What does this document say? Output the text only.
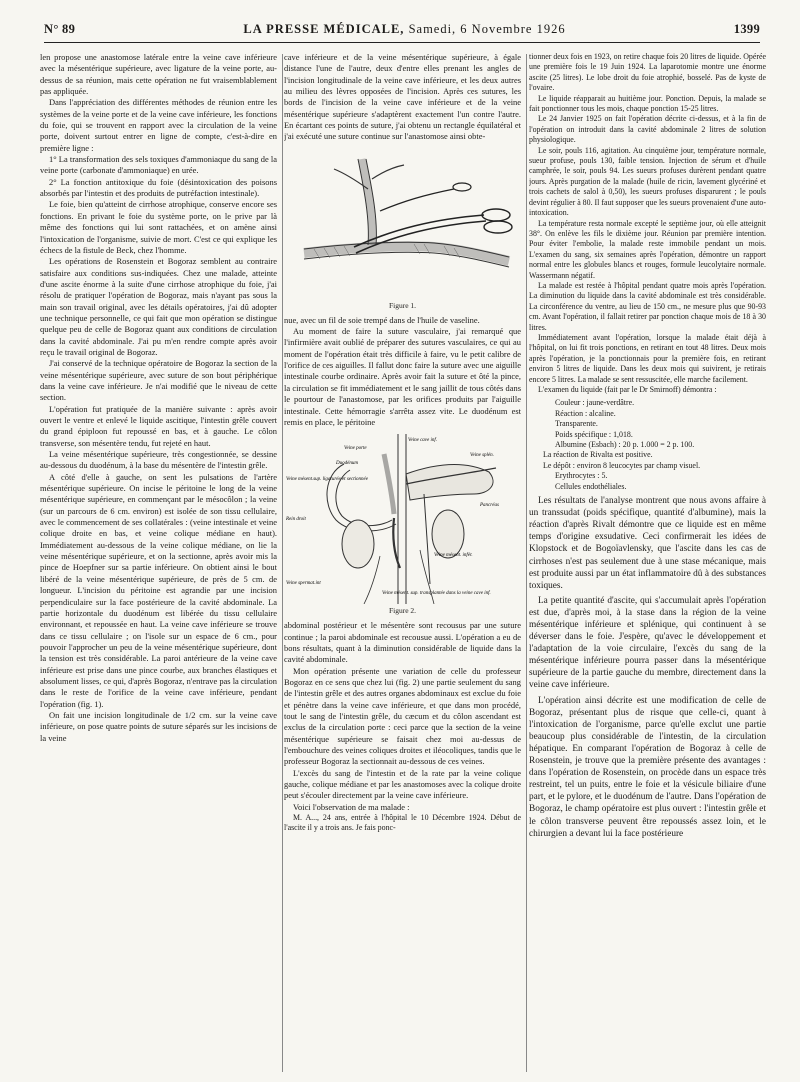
N° 89	LA PRESSE MÉDICALE, Samedi, 6 Novembre 1926	1399

len propose une anastomose latérale entre la veine cave inférieure avec la mésentérique supérieure, avec ligature de la veine porte, au-dessus de sa réunion, mais cette opération ne fut vraisemblablement pas appliquée.

Dans l'appréciation des différentes méthodes de réunion entre les systèmes de la veine porte et de la veine cave inférieure, les fonctions du foie, qui se trouvent en rapport avec la circulation de la veine porte, doivent surtout entrer en ligne de compte, c'est-à-dire en première ligne :

1° La transformation des sels toxiques d'ammoniaque du sang de la veine porte (carbonate d'ammoniaque) en urée.

2° La fonction antitoxique du foie (désintoxication des poisons absorbés par l'intestin et des produits de putréfaction intestinale).

Le foie, bien qu'atteint de cirrhose atrophique, conserve encore ses fonctions. En privant le foie du système porte, on le prive par là même des fonctions qui lui sont rattachées, et on amène ainsi l'intoxication de l'organisme, suivie de mort. C'est ce qui explique les échecs de la fistule de Beck, chez l'homme.

Les opérations de Rosenstein et Bogoraz semblent au contraire satisfaire aux conditions sus-indiquées. Chez une malade, atteinte d'une ascite énorme à la suite d'une cirrhose atrophique du foie, j'ai résolu de pratiquer l'opération de Bogoraz, mais n'ayant pas sous la main son travail original, avec les détails opératoires, j'ai dû adopter une technique personnelle, ce qui fait que mon opération se distingue quelque peu de celle de Bogoraz quant aux conditions de circulation dans la cavité abdominale. J'ai pu m'en rendre compte après avoir reçu le travail original de Bogoraz.

J'ai conservé de la technique opératoire de Bogoraz la section de la veine mésentérique supérieure, avec suture de son bout périphérique dans la veine cave inférieure. Je n'ai modifié que le niveau de cette section.

L'opération fut pratiquée de la manière suivante : après avoir ouvert le ventre et enlevé le liquide ascitique, l'intestin grêle couvert du grand épiploon fut repoussé en bas, et à gauche. Le côlon transverse, son mésentère tendu, fut rejeté en haut.

La veine mésentérique supérieure, très congestionnée, se dessine au-dessous du duodénum, à la base du mésentère de l'intestin grêle.

A côté d'elle à gauche, on sent les pulsations de l'artère mésentérique supérieure. On incise le péritoine le long de la veine mésentérique supérieure, en commençant par le mésocôlon ; la veine (sur un parcours de 6 cm. environ) est isolée de son tissu cellulaire, avec le commencement de ses collatérales : (veine intestinale et veine colique droite en bas, et veine colique médiane en haut). Immédiatement au-dessous de la veine colique médiane, on lie la veine mésentérique supérieure, et on la sectionne, après avoir mis la pince de Hoepfner sur sa partie inférieure. On obtient ainsi le bout libéré de la veine mésentérique supérieure, de près de 5 cm. de longueur. L'incision du péritoine est agrandie par une incision perpendiculaire sur la face postérieure de la cavité abdominale. La partie horizontale du duodénum est libérée du tissu cellulaire environnant, et repoussée en haut. La veine cave inférieure se trouve dans ce tissu cellulaire ; on l'isole sur un espace de 6 cm., pour pouvoir l'approcher un peu de la veine mésentérique supérieure, dont la tension est très considérable. La paroi antérieure de la veine cave inférieure est prise dans une pince courbe, aux branches élastiques et absolument lisses, ce qui, d'après Bogoraz, n'entrave pas la circulation dans le reste de l'orifice de la veine cave inférieure, pendant l'opération (fig. 1).

On fait une incision longitudinale de 1/2 cm. sur la veine cave inférieure, on pose quatre points de suture séparés sur les incisions de la veine

cave inférieure et de la veine mésentérique supérieure, à égale distance l'une de l'autre, deux d'entre elles prenant les angles de l'incision longitudinale de la veine cave inférieure, et les deux autres au milieu des lèvres opposées de l'incision. Après ces sutures, les bords de l'incision de la veine cave inférieure et de la veine mésentérique supérieure s'adaptèrent exactement l'un contre l'autre. En écartant ces points de suture, j'ai obtenu un rectangle équilatéral et j'ai exécuté une suture continue sur l'anastomose ainsi obte-

Figure 1.

nue, avec un fil de soie trempé dans de l'huile de vaseline.

Au moment de faire la suture vasculaire, j'ai remarqué que l'infirmière avait oublié de préparer des sutures vasculaires, ce qui au moment de l'opération était très difficile à faire, vu le petit calibre de l'orifice de ces aiguilles. Il fallut donc faire la suture avec une aiguille intestinale courbe ordinaire. Après avoir fait la suture et ôté la pince, la circulation se fit immédiatement et le sang jaillit de tous côtés dans le pourtour de l'anastomose, par les orifices produits par l'aiguille intestinale. Cette hémorragie s'arrêta assez vite. Le duodénum est remis en place, le péritoine

Veine cave inf.
Veine porte
Duodénum
Veine mésent.sup. ligaturée et sectionnée
Rein droit
Veine spermat.int
Veine splén.
Pancréas
Veine mésent. infér.
Veine mésent. sup. transplantée dans la veine cave inf.
Figure 2.

abdominal postérieur et le mésentère sont recousus par une suture continue ; la paroi abdominale est recousue aussi. L'opération a eu de bons résultats, quant à la diminution considérable de liquide dans la cavité abdominale.

Mon opération présente une variation de celle du professeur Bogoraz en ce sens que chez lui (fig. 2) une partie seulement du sang de l'intestin grêle et des autres organes abdominaux est exclue du foie et pénètre dans la veine cave inférieure, et que dans mon procédé, tout le sang de l'intestin grêle, du cæcum et du côlon ascendant est exclus de la circulation porte : ceci parce que la section de la veine mésentérique supérieure se faisait chez moi au-dessus de l'embouchure des veines coliques droites et iléocoliques, tandis que le professeur Bogoraz la sectionnait au-dessous de ces veines.

L'excès du sang de l'intestin et de la rate par la veine colique gauche, colique médiane et par les anastomoses avec la colique droite peut s'écouler directement par la veine cave inférieure.

Voici l'observation de ma malade :

M. A..., 24 ans, entrée à l'hôpital le 10 Décembre 1924. Début de l'ascite il y a trois ans. Je fais ponc-

tionner deux fois en 1923, on retire chaque fois 20 litres de liquide. Opérée une première fois le 19 Juin 1924. La laparotomie montre une énorme ascite (25 litres). Le lobe droit du foie atrophié, bosselé. Pas de kyste de l'ovaire.

Le liquide réapparait au huitième jour. Ponction. Depuis, la malade se fait ponctionner tous les mois, chaque ponction 15-25 litres.

Le 24 Janvier 1925 on fait l'opération décrite ci-dessus, et à la fin de l'opération on introduit dans la cavité abdominale 2 litres de solution physiologique.

Le soir, pouls 116, agitation. Au cinquième jour, température normale, sueur profuse, pouls 130, faible tension. Injection de sérum et d'huile camphrée, le soir, pouls 94. Les sueurs profuses durèrent pendant quatre jours. Après purgation de la malade (huile de ricin, lavement glycériné et trois cachets de salol à 0,50), les sueurs profuses disparurent ; le pouls devint régulier à 80. Il faut supposer que les sueurs provenaient d'une auto-intoxication.

La température resta normale excepté le septième jour, où elle atteignit 38°. On enlève les fils le dixième jour. Réunion par première intention. Pour éviter l'embolie, la malade reste immobile pendant un mois. L'examen du sang, six semaines après l'opération, démontre un rapport normal entre les globules blancs et rouges, formule leucolytaire normale. Wassermann négatif.

La malade est restée à l'hôpital pendant quatre mois après l'opération. La diminution du liquide dans la cavité abdominale est très considérable. La circonférence du ventre, au lieu de 150 cm., ne mesure plus que 90-93 cm. Avant l'opération, il fallait retirer par ponction chaque mois de 18 à 30 litres.

Immédiatement avant l'opération, lorsque la malade était déjà à l'hôpital, on lui fit trois ponctions, en retirant en tout 48 litres. Deux mois après l'opération, je la ponctionnais pour la première fois, en retirant environ 5 litres de liquide. Dans les deux mois qui suivirent, je retirais encore 5 litres. La malade se sent ressuscitée, elle marche facilement.

L'examen du liquide (fait par le Dr Smirnoff) démontra :

Couleur : jaune-verdâtre.

Réaction : alcaline.

Transparente.

Poids spécifique : 1,018.

Albumine (Esbach) : 20 p. 1.000 = 2 p. 100.

La réaction de Rivalta est positive.

Le dépôt : environ 8 leucocytes par champ visuel.

Erythrocytes : 5.

Cellules endothéliales.

Les résultats de l'analyse montrent que nous avons affaire à un transsudat (poids spécifique, quantité d'albumine), mais la réaction d'après Rivalt démontre que ce liquide est en même temps d'origine exsudative. Ceci confirmerait les idées de Klopstock et de Bogoïavlensky, que l'ascite dans les cas de cirrhoses n'est pas seulement due à une stase mécanique, mais est produite aussi par un état inflammatoire dû à des substances toxiques.

La petite quantité d'ascite, qui s'accumulait après l'opération est due, d'après moi, à la stase dans la région de la veine mésentérique inférieure et splénique, qui continuent à se déverser dans le foie. J'espère, qu'avec le développement et l'adaptation de la voie circulaire, l'excès du sang de la mésentérique inférieure pourra passer dans la mésentérique supérieure de la partie gauche du membre, directement dans la veine cave inférieure.

L'opération ainsi décrite est une modification de celle de Bogoraz, présentant plus de risque que celle-ci, quant à l'intoxication de l'organisme, parce qu'elle exclut une partie beaucoup plus considérable de l'intestin, de la circulation hépatique. En comparant l'opération de Bogoraz à celle de Rosenstein, je trouve que la première présente des avantages : dans l'opération de Rosenstein, on procède dans un espace très restreint, tel un puits, entre le foie et la vésicule biliaire d'une part, et le pylore, et le duodénum de l'autre. Dans l'opération de Bogoraz, le champ opératoire est plus ouvert : l'intestin grêle et le côlon transverse peuvent être repoussés assez loin, et le chirurgien a devant lui la face postérieure
